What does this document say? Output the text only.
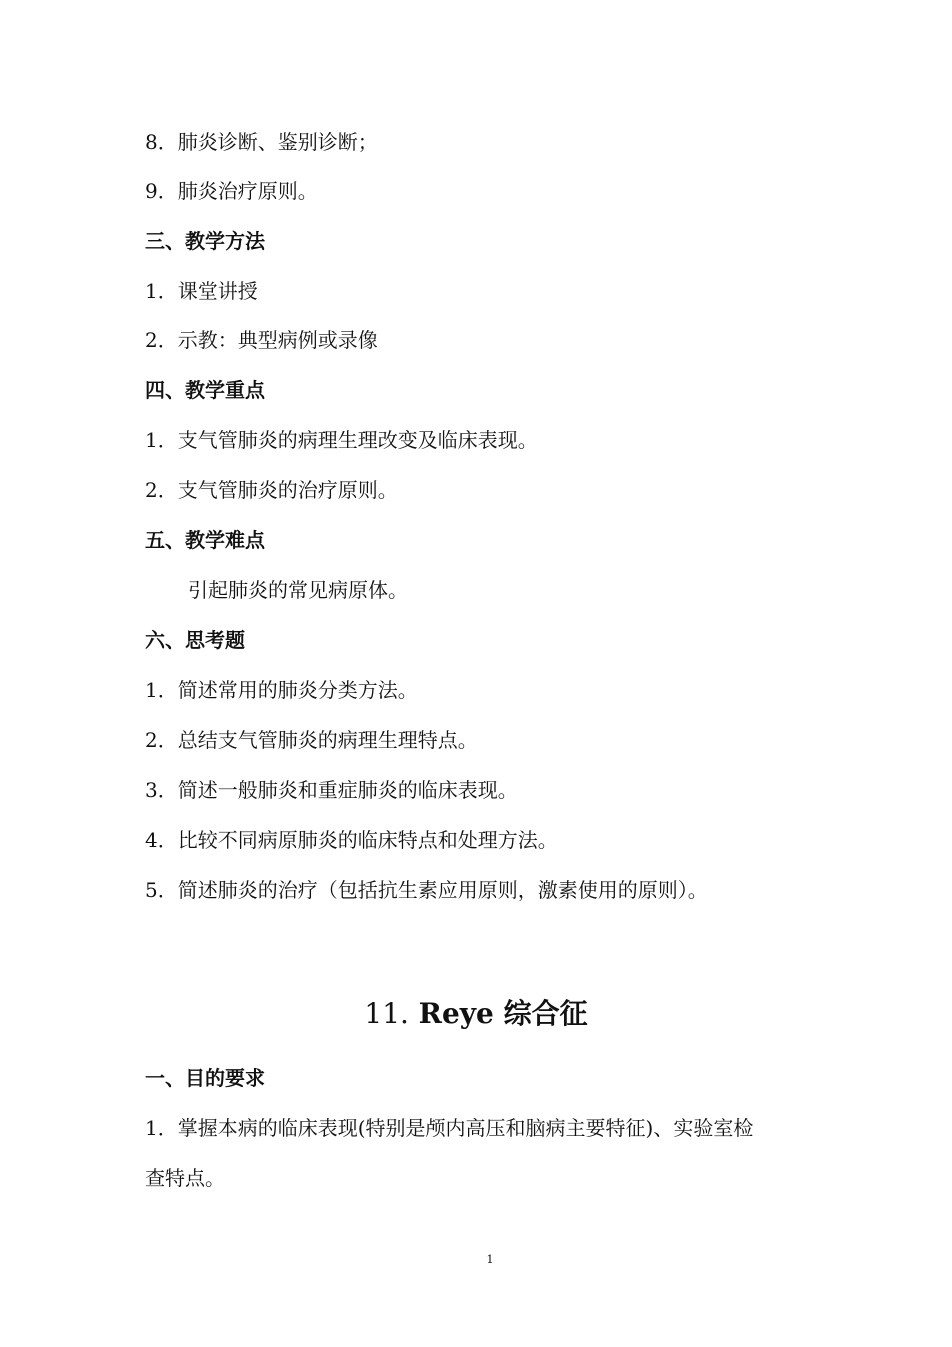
8．肺炎诊断、鉴别诊断；
9．肺炎治疗原则。
三、教学方法
1．课堂讲授
2．示教：典型病例或录像
四、教学重点
1．支气管肺炎的病理生理改变及临床表现。
2．支气管肺炎的治疗原则。
五、教学难点
引起肺炎的常见病原体。
六、思考题
1．简述常用的肺炎分类方法。
2．总结支气管肺炎的病理生理特点。
3．简述一般肺炎和重症肺炎的临床表现。
4．比较不同病原肺炎的临床特点和处理方法。
5．简述肺炎的治疗（包括抗生素应用原则，激素使用的原则）。
11. Reye 综合征
一、目的要求
1．掌握本病的临床表现(特别是颅内高压和脑病主要特征)、实验室检
查特点。
1
